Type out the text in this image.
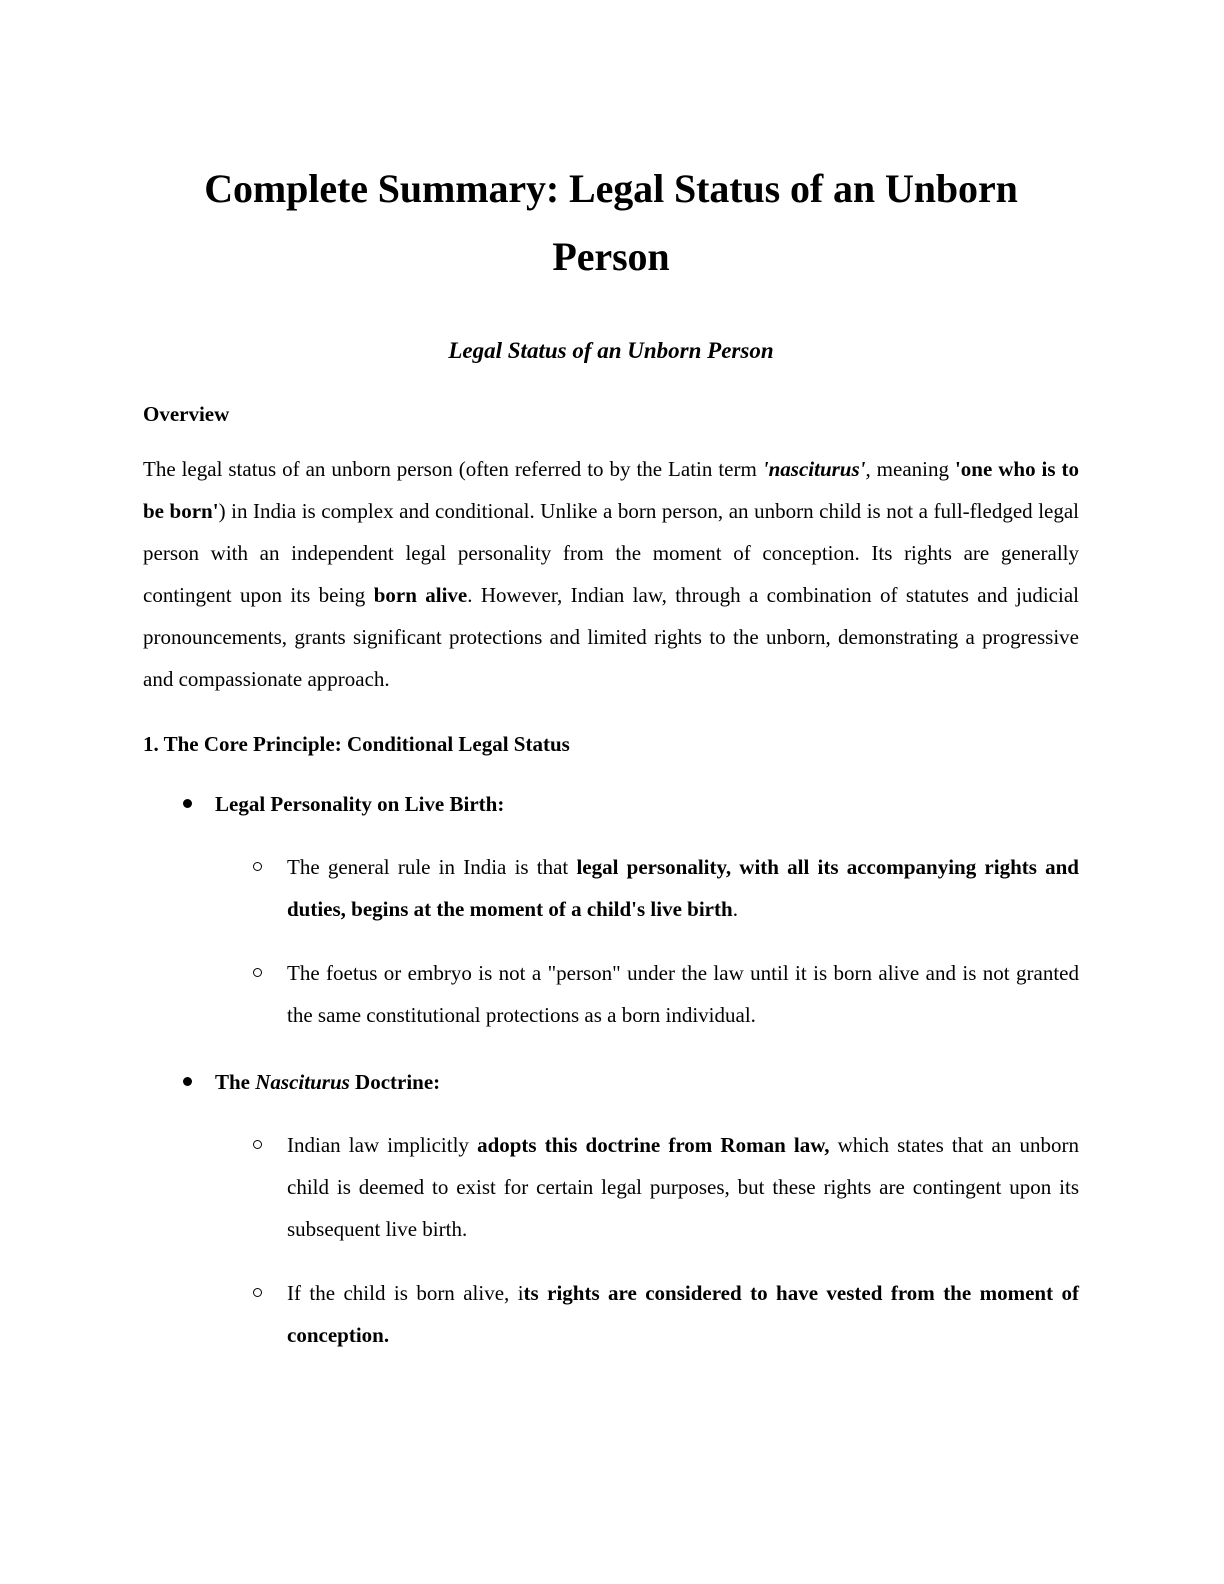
Complete Summary: Legal Status of an Unborn Person
Legal Status of an Unborn Person
Overview

The legal status of an unborn person (often referred to by the Latin term 'nasciturus', meaning 'one who is to be born') in India is complex and conditional. Unlike a born person, an unborn child is not a full-fledged legal person with an independent legal personality from the moment of conception. Its rights are generally contingent upon its being born alive. However, Indian law, through a combination of statutes and judicial pronouncements, grants significant protections and limited rights to the unborn, demonstrating a progressive and compassionate approach.

1. The Core Principle: Conditional Legal Status
Legal Personality on Live Birth:
The general rule in India is that legal personality, with all its accompanying rights and duties, begins at the moment of a child's live birth.
The foetus or embryo is not a "person" under the law until it is born alive and is not granted the same constitutional protections as a born individual.
The Nasciturus Doctrine:
Indian law implicitly adopts this doctrine from Roman law, which states that an unborn child is deemed to exist for certain legal purposes, but these rights are contingent upon its subsequent live birth.
If the child is born alive, its rights are considered to have vested from the moment of conception.
